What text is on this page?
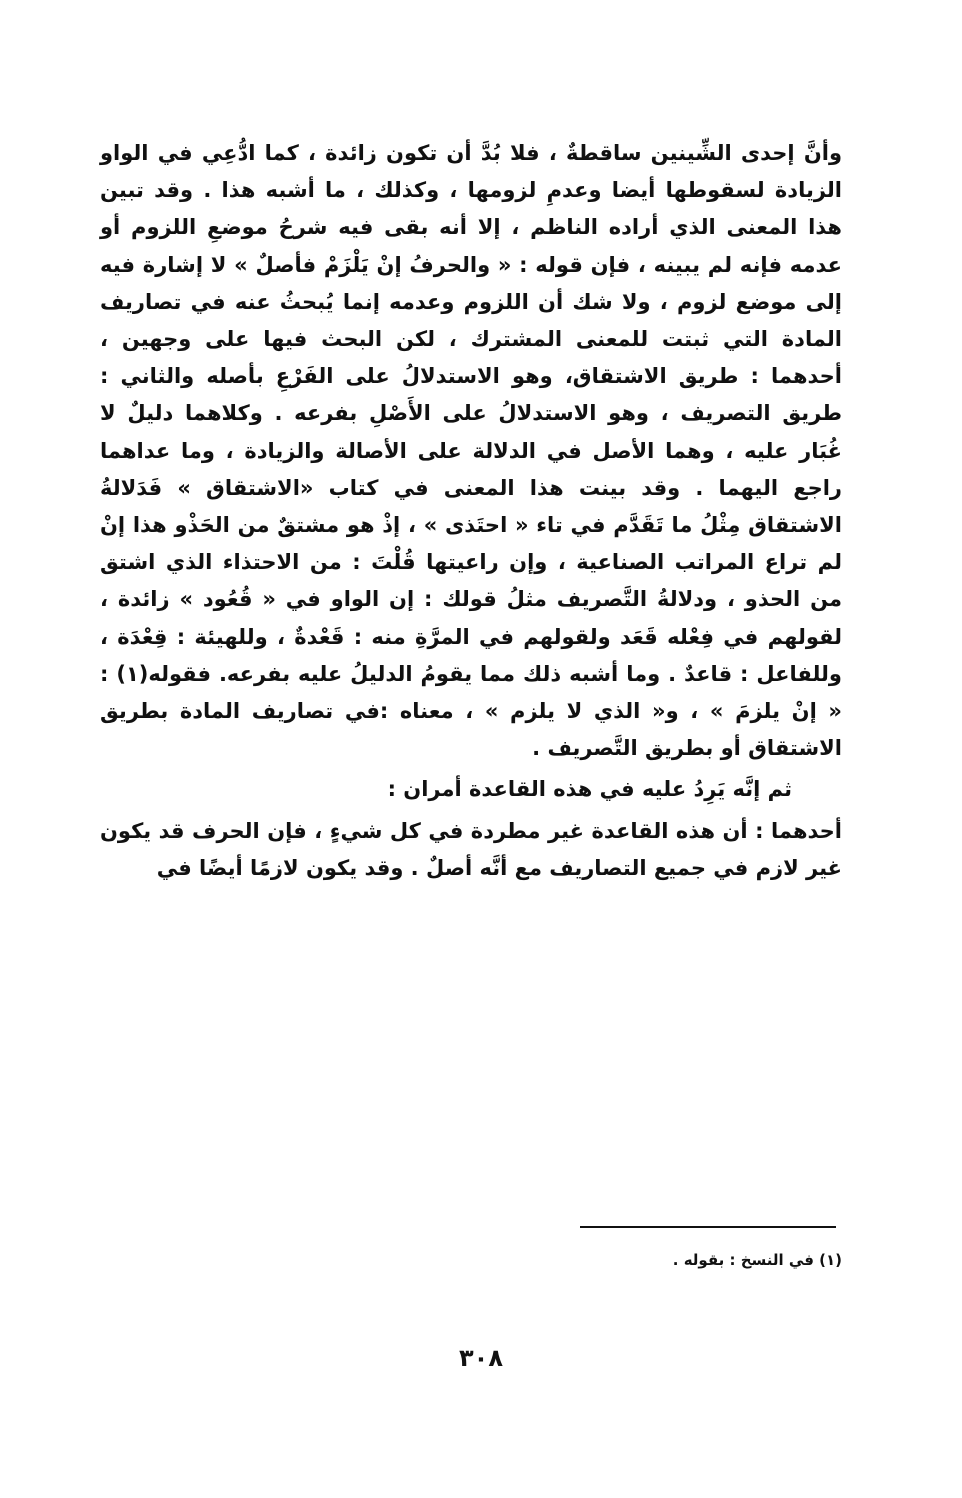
وأنَّ إحدى الشِّينين ساقطةٌ ، فلا بُدَّ أن تكون زائدة ، كما ادُّعِي في الواو الزيادة لسقوطها أيضا وعدمِ لزومها ، وكذلك ، ما أشبه هذا . وقد تبين هذا المعنى الذي أراده الناظم ، إلا أنه بقى فيه شرحُ موضعِ اللزوم أو عدمه فإنه لم يبينه ، فإن قوله : « والحرفُ إنْ يَلْزَمْ فأصلٌ » لا إشارة فيه إلى موضع لزوم ، ولا شك أن اللزوم وعدمه إنما يُبحثُ عنه في تصاريف المادة التي ثبتت للمعنى المشترك ، لكن البحث فيها على وجهين ، أحدهما : طريق الاشتقاق، وهو الاستدلالُ على الفَرْعِ بأصله والثاني : طريق التصريف ، وهو الاستدلالُ على الأَصْلِ بفرعه . وكلاهما دليلٌ لا غُبَار عليه ، وهما الأصل في الدلالة على الأصالة والزيادة ، وما عداهما راجع اليهما . وقد بينت هذا المعنى في كتاب «الاشتقاق » فَدَلالةُ الاشتقاق مِثْلُ ما تَقَدَّم في تاء « احتَذى » ، إذْ هو مشتقٌ من الحَذْو هذا إنْ لم تراع المراتب الصناعية ، وإن راعيتها قُلْتَ : من الاحتذاء الذي اشتق من الحذو ، ودلالةُ التَّصريف مثلُ قولك : إن الواو في « قُعُود » زائدة ، لقولهم في فِعْله قَعَد ولقولهم في المرَّةِ منه : قَعْدةٌ ، وللهيئة : قِعْدَة ، وللفاعل : قاعدٌ . وما أشبه ذلك مما يقومُ الدليلُ عليه بفرعه. فقوله(١) : « إنْ يلزمَ » ، و« الذي لا يلزم » ، معناه :في تصاريف المادة بطريق الاشتقاق أو بطريق التَّصريف .

ثم إنَّه يَرِدُ عليه في هذه القاعدة أمران :

أحدهما : أن هذه القاعدة غير مطردة في كل شيءٍ ، فإن الحرف قد يكون غير لازم في جميع التصاريف مع أنَّه أصلٌ . وقد يكون لازمًا أيضًا في

(١) في النسخ : بقوله .
٣٠٨
